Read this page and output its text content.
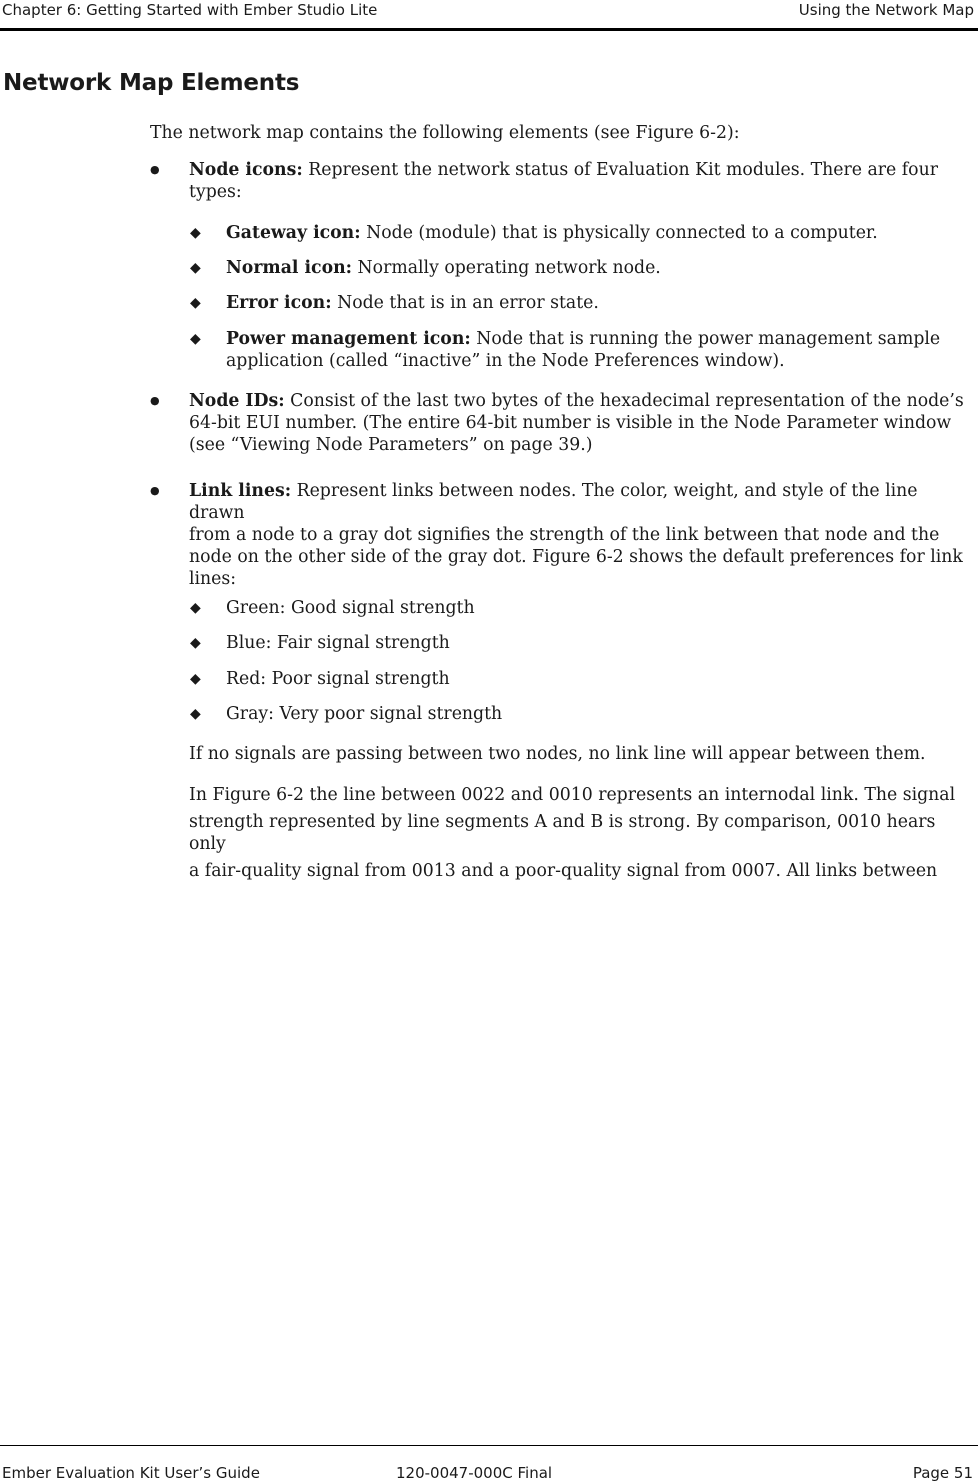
Chapter 6: Getting Started with Ember Studio Lite	Using the Network Map
Network Map Elements

The network map contains the following elements (see Figure 6-2):

● Node icons: Represent the network status of Evaluation Kit modules. There are four
types:
◆ Gateway icon: Node (module) that is physically connected to a computer.
◆ Normal icon: Normally operating network node.
◆ Error icon: Node that is in an error state.
◆ Power management icon: Node that is running the power management sample
application (called “inactive” in the Node Preferences window).
● Node IDs: Consist of the last two bytes of the hexadecimal representation of the node’s
64-bit EUI number. (The entire 64-bit number is visible in the Node Parameter window
(see “Viewing Node Parameters” on page 39.)
● Link lines: Represent links between nodes. The color, weight, and style of the line drawn
from a node to a gray dot signifies the strength of the link between that node and the
node on the other side of the gray dot. Figure 6-2 shows the default preferences for link
lines:
◆ Green: Good signal strength
◆ Blue: Fair signal strength
◆ Red: Poor signal strength
◆ Gray: Very poor signal strength

If no signals are passing between two nodes, no link line will appear between them.

In Figure 6-2 the line between 0022 and 0010 represents an internodal link. The signal
strength represented by line segments A and B is strong. By comparison, 0010 hears only
a fair-quality signal from 0013 and a poor-quality signal from 0007. All links between
Ember Evaluation Kit User’s Guide	120-0047-000C Final	Page 51
